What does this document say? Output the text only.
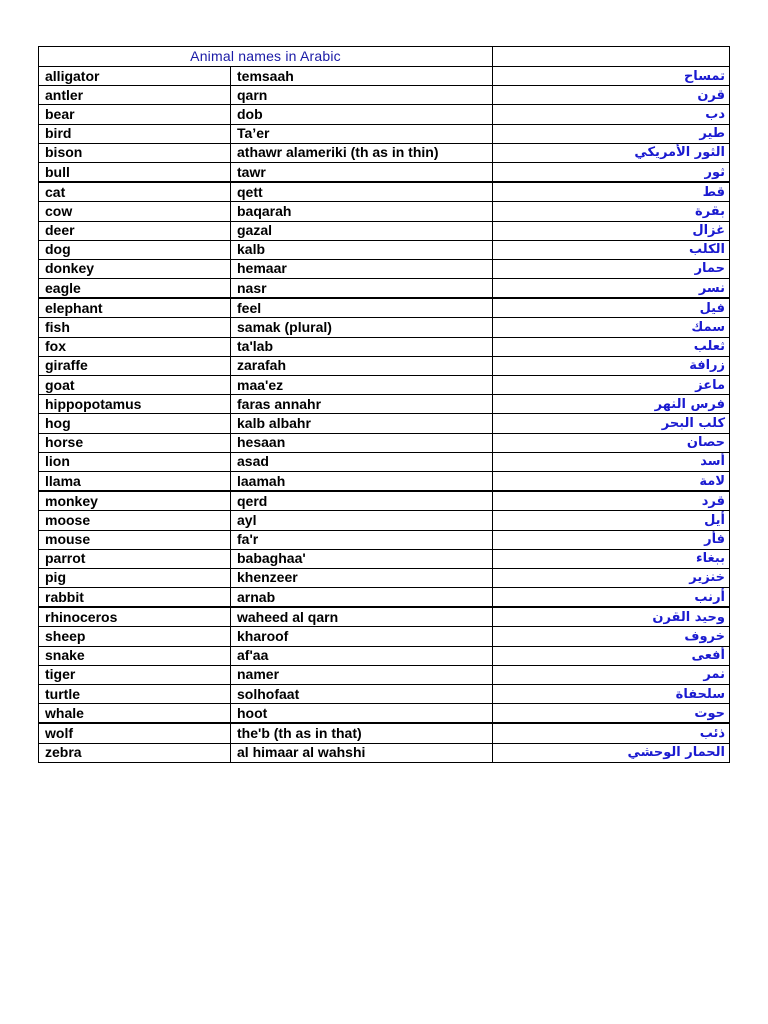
Animal names in Arabic		
alligator	temsaah	تمساح
antler	qarn	قرن
bear	dob	دب
bird	Ta’er	طير
bison	athawr alameriki (th as in thin)	الثور الأمريكي
bull	tawr	ثور
cat	qett	قط
cow	baqarah	بقرة
deer	gazal	غزال
dog	kalb	الكلب
donkey	hemaar	حمار
eagle	nasr	نسر
elephant	feel	فيل
fish	samak (plural)	سمك
fox	ta'lab	ثعلب
giraffe	zarafah	زرافة
goat	maa'ez	ماعز
hippopotamus	faras annahr	فرس النهر
hog	kalb albahr	كلب البحر
horse	hesaan	حصان
lion	asad	أسد
llama	laamah	لامة
monkey	qerd	قرد
moose	ayl	أيل
mouse	fa'r	فأر
parrot	babaghaa'	ببغاء
pig	khenzeer	خنزير
rabbit	arnab	أرنب
rhinoceros	waheed al qarn	وحيد القرن
sheep	kharoof	خروف
snake	af'aa	أفعى
tiger	namer	نمر
turtle	solhofaat	سلحفاة
whale	hoot	حوت
wolf	the'b (th as in that)	ذئب
zebra	al himaar al wahshi	الحمار الوحشي
